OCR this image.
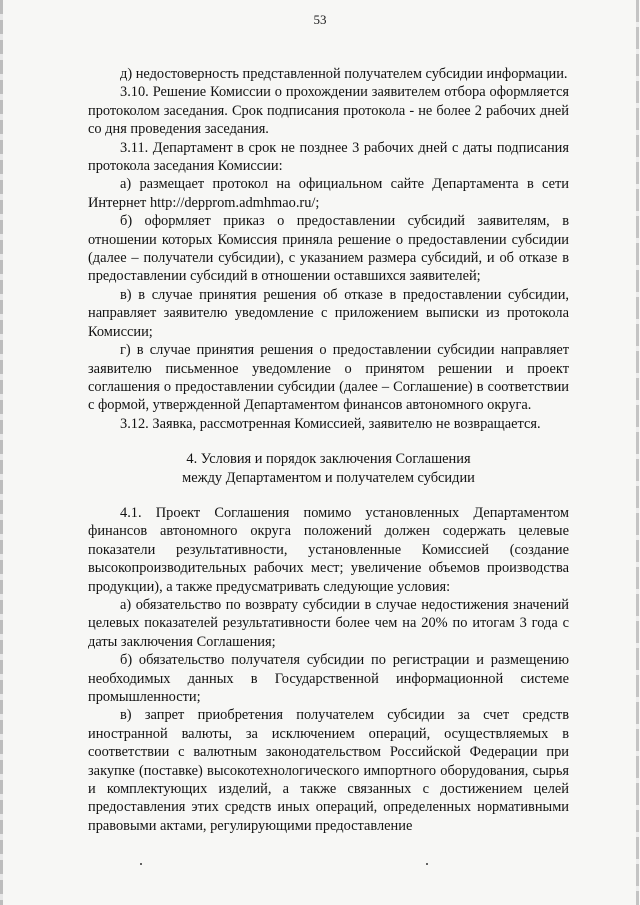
53

д) недостоверность представленной получателем субсидии информации.

3.10. Решение Комиссии о прохождении заявителем отбора оформляется протоколом заседания. Срок подписания протокола - не более 2 рабочих дней со дня проведения заседания.

3.11. Департамент в срок не позднее 3 рабочих дней с даты подписания протокола заседания Комиссии:

а) размещает протокол на официальном сайте Департамента в сети Интернет http://depprom.admhmao.ru/;

б) оформляет приказ о предоставлении субсидий заявителям, в отношении которых Комиссия приняла решение о предоставлении субсидии (далее – получатели субсидии), с указанием размера субсидий, и об отказе в предоставлении субсидий в отношении оставшихся заявителей;

в) в случае принятия решения об отказе в предоставлении субсидии, направляет заявителю уведомление с приложением выписки из протокола Комиссии;

г) в случае принятия решения о предоставлении субсидии направляет заявителю письменное уведомление о принятом решении и проект соглашения о предоставлении субсидии (далее – Соглашение) в соответствии с формой, утвержденной Департаментом финансов автономного округа.

3.12. Заявка, рассмотренная Комиссией, заявителю не возвращается.

4. Условия и порядок заключения Соглашения

между Департаментом и получателем субсидии

4.1. Проект Соглашения помимо установленных Департаментом финансов автономного округа положений должен содержать целевые показатели результативности, установленные Комиссией (создание высокопроизводительных рабочих мест; увеличение объемов производства продукции), а также предусматривать следующие условия:

а) обязательство по возврату субсидии в случае недостижения значений целевых показателей результативности более чем на 20% по итогам 3 года с даты заключения Соглашения;

б) обязательство получателя субсидии по регистрации и размещению необходимых данных в Государственной информационной системе промышленности;

в) запрет приобретения получателем субсидии за счет средств иностранной валюты, за исключением операций, осуществляемых в соответствии с валютным законодательством Российской Федерации при закупке (поставке) высокотехнологического импортного оборудования, сырья и комплектующих изделий, а также связанных с достижением целей предоставления этих средств иных операций, определенных нормативными правовыми актами, регулирующими предоставление
